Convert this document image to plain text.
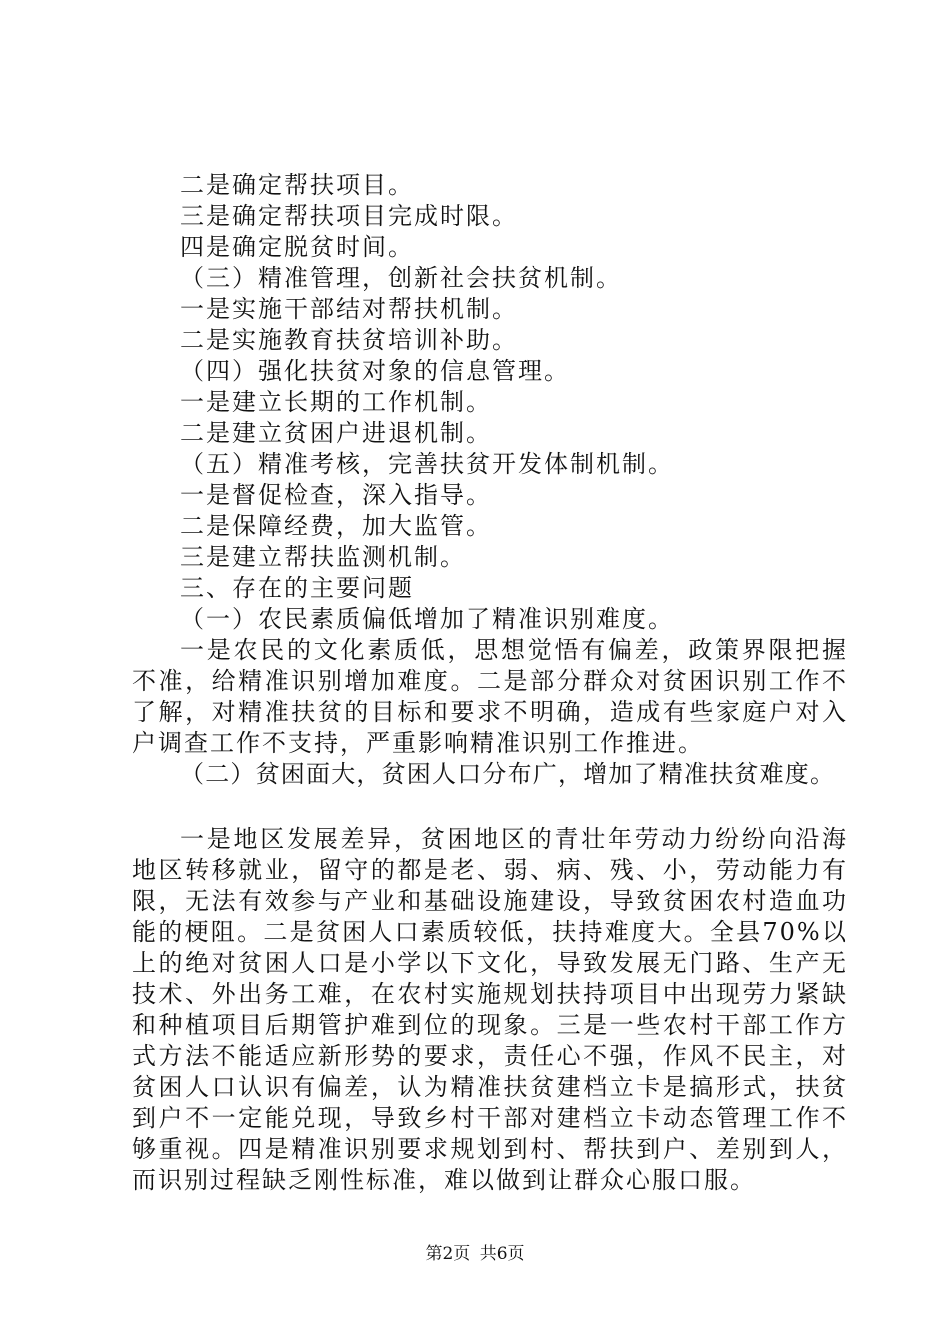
二是确定帮扶项目。
三是确定帮扶项目完成时限。
四是确定脱贫时间。
（三）精准管理，创新社会扶贫机制。
一是实施干部结对帮扶机制。
二是实施教育扶贫培训补助。
（四）强化扶贫对象的信息管理。
一是建立长期的工作机制。
二是建立贫困户进退机制。
（五）精准考核，完善扶贫开发体制机制。
一是督促检查，深入指导。
二是保障经费，加大监管。
三是建立帮扶监测机制。
三、存在的主要问题
（一）农民素质偏低增加了精准识别难度。

一是农民的文化素质低，思想觉悟有偏差，政策界限把握不准，给精准识别增加难度。二是部分群众对贫困识别工作不了解，对精准扶贫的目标和要求不明确，造成有些家庭户对入户调查工作不支持，严重影响精准识别工作推进。

（二）贫困面大，贫困人口分布广，增加了精准扶贫难度。

一是地区发展差异，贫困地区的青壮年劳动力纷纷向沿海地区转移就业，留守的都是老、弱、病、残、小，劳动能力有限，无法有效参与产业和基础设施建设，导致贫困农村造血功能的梗阻。二是贫困人口素质较低，扶持难度大。全县70%以上的绝对贫困人口是小学以下文化，导致发展无门路、生产无技术、外出务工难，在农村实施规划扶持项目中出现劳力紧缺和种植项目后期管护难到位的现象。三是一些农村干部工作方式方法不能适应新形势的要求，责任心不强，作风不民主，对贫困人口认识有偏差，认为精准扶贫建档立卡是搞形式，扶贫到户不一定能兑现，导致乡村干部对建档立卡动态管理工作不够重视。四是精准识别要求规划到村、帮扶到户、差别到人，而识别过程缺乏刚性标准，难以做到让群众心服口服。

第2页 共6页
